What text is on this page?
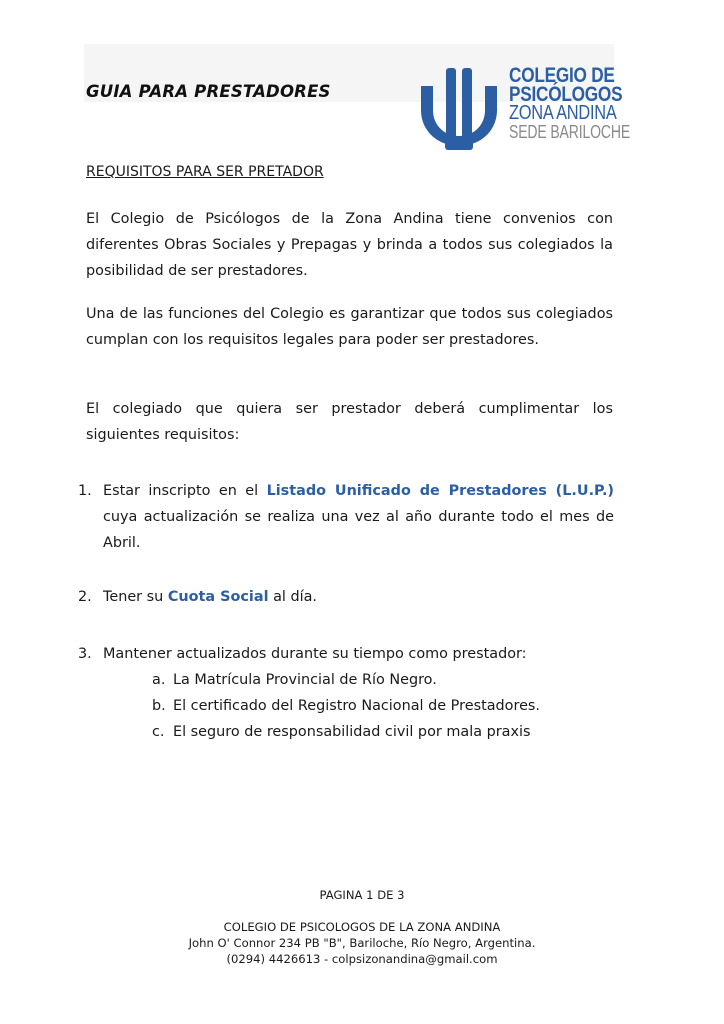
GUIA PARA PRESTADORES
COLEGIO DE
PSICÓLOGOS
ZONA ANDINA
SEDE BARILOCHE
REQUISITOS PARA SER PRETADOR

El Colegio de Psicólogos de la Zona Andina tiene convenios con diferentes Obras Sociales y Prepagas y brinda a todos sus colegiados la posibilidad de ser prestadores.

Una de las funciones del Colegio es garantizar que todos sus colegiados cumplan con los requisitos legales para poder ser prestadores.

El colegiado que quiera ser prestador deberá cumplimentar los siguientes requisitos:

1. Estar inscripto en el Listado Unificado de Prestadores (L.U.P.) cuya actualización se realiza una vez al año durante todo el mes de Abril.
2. Tener su Cuota Social al día.
3. Mantener actualizados durante su tiempo como prestador:
a. La Matrícula Provincial de Río Negro.
b. El certificado del Registro Nacional de Prestadores.
c. El seguro de responsabilidad civil por mala praxis
PAGINA 1 DE 3
COLEGIO DE PSICOLOGOS DE LA ZONA ANDINA
John O' Connor 234 PB "B", Bariloche, Río Negro, Argentina.
(0294) 4426613 - colpsizonandina@gmail.com
